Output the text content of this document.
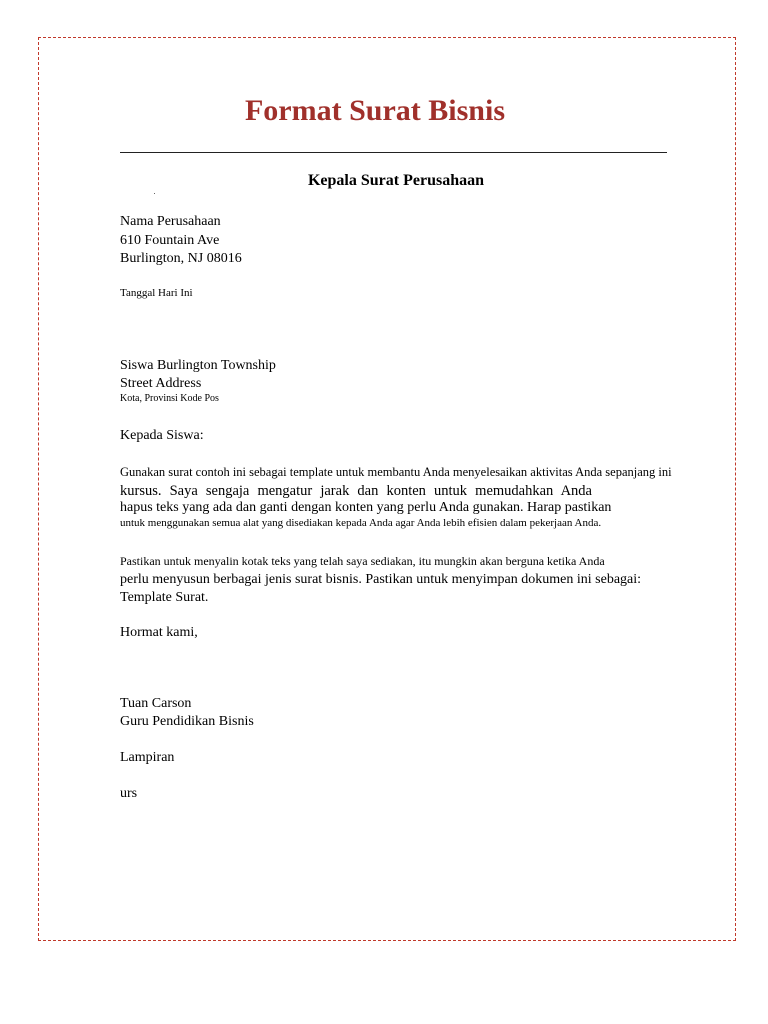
Format Surat Bisnis
Kepala Surat Perusahaan
Nama Perusahaan
610 Fountain Ave
Burlington, NJ 08016
Tanggal Hari Ini
Siswa Burlington Township
Street Address
Kota, Provinsi Kode Pos
Kepada Siswa:
Gunakan surat contoh ini sebagai template untuk membantu Anda menyelesaikan aktivitas Anda sepanjang ini
kursus. Saya sengaja mengatur jarak dan konten untuk memudahkan Anda
hapus teks yang ada dan ganti dengan konten yang perlu Anda gunakan. Harap pastikan
untuk menggunakan semua alat yang disediakan kepada Anda agar Anda lebih efisien dalam pekerjaan Anda.
Pastikan untuk menyalin kotak teks yang telah saya sediakan, itu mungkin akan berguna ketika Anda
perlu menyusun berbagai jenis surat bisnis. Pastikan untuk menyimpan dokumen ini sebagai:
Template Surat.
Hormat kami,
Tuan Carson
Guru Pendidikan Bisnis
Lampiran
urs
